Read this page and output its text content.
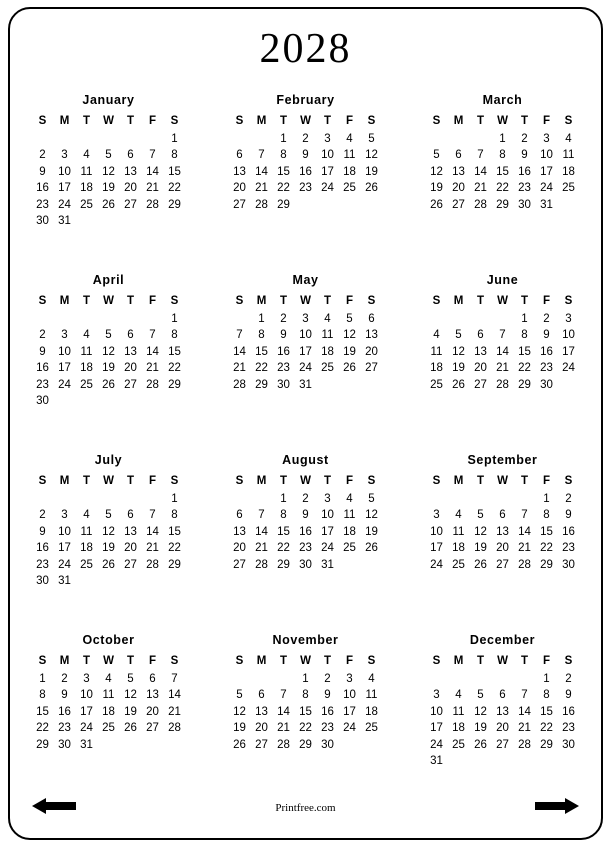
2028
January
S	M	T	W	T	F	S
						1
2	3	4	5	6	7	8
9	10	11	12	13	14	15
16	17	18	19	20	21	22
23	24	25	26	27	28	29
30	31					
February
S	M	T	W	T	F	S
		1	2	3	4	5
6	7	8	9	10	11	12
13	14	15	16	17	18	19
20	21	22	23	24	25	26
27	28	29				

March
S	M	T	W	T	F	S
			1	2	3	4
5	6	7	8	9	10	11
12	13	14	15	16	17	18
19	20	21	22	23	24	25
26	27	28	29	30	31	

April
S	M	T	W	T	F	S
						1
2	3	4	5	6	7	8
9	10	11	12	13	14	15
16	17	18	19	20	21	22
23	24	25	26	27	28	29
30						
May
S	M	T	W	T	F	S
	1	2	3	4	5	6
7	8	9	10	11	12	13
14	15	16	17	18	19	20
21	22	23	24	25	26	27
28	29	30	31			

June
S	M	T	W	T	F	S
				1	2	3
4	5	6	7	8	9	10
11	12	13	14	15	16	17
18	19	20	21	22	23	24
25	26	27	28	29	30	

July
S	M	T	W	T	F	S
						1
2	3	4	5	6	7	8
9	10	11	12	13	14	15
16	17	18	19	20	21	22
23	24	25	26	27	28	29
30	31					
August
S	M	T	W	T	F	S
		1	2	3	4	5
6	7	8	9	10	11	12
13	14	15	16	17	18	19
20	21	22	23	24	25	26
27	28	29	30	31		

September
S	M	T	W	T	F	S
					1	2
3	4	5	6	7	8	9
10	11	12	13	14	15	16
17	18	19	20	21	22	23
24	25	26	27	28	29	30

October
S	M	T	W	T	F	S
1	2	3	4	5	6	7
8	9	10	11	12	13	14
15	16	17	18	19	20	21
22	23	24	25	26	27	28
29	30	31				

November
S	M	T	W	T	F	S
			1	2	3	4
5	6	7	8	9	10	11
12	13	14	15	16	17	18
19	20	21	22	23	24	25
26	27	28	29	30		

December
S	M	T	W	T	F	S
					1	2
3	4	5	6	7	8	9
10	11	12	13	14	15	16
17	18	19	20	21	22	23
24	25	26	27	28	29	30
31						
Printfree.com
